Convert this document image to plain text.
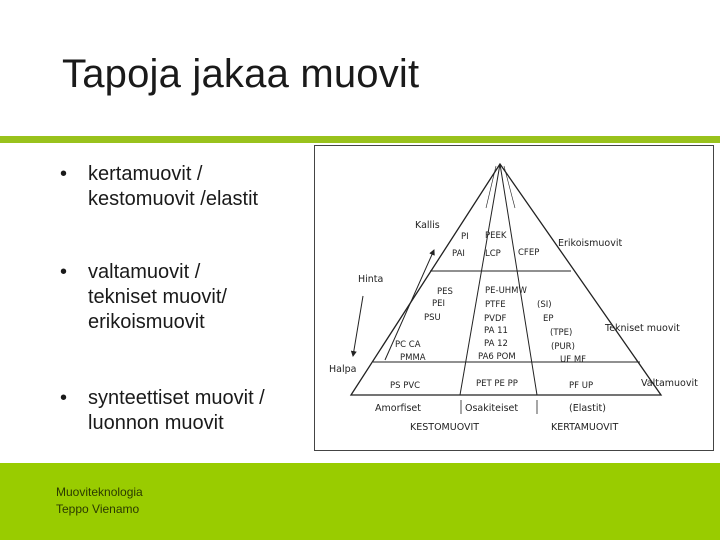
Tapoja jakaa muovit
• kertamuovit /
kestomuovit /elastit
• valtamuovit /
tekniset muovit/
erikoismuovit
• synteettiset muovit /
luonnon muovit
Kallis
Hinta
Halpa
Erikoismuovit
Tekniset muovit
Valtamuovit
PI PEEK
PAI LCP CFEP
PES
PEI
PSU
PC CA
PMMA
PE-UHMW
PTFE
PVDF
PA 11
PA 12
PA6 POM
(SI)
EP
(TPE)
(PUR)
UF MF
PS PVC	PET PE PP	PF UP
Amorfiset	Osakiteiset	(Elastit)
KESTOMUOVIT	KERTAMUOVIT
Muoviteknologia
Teppo Vienamo
